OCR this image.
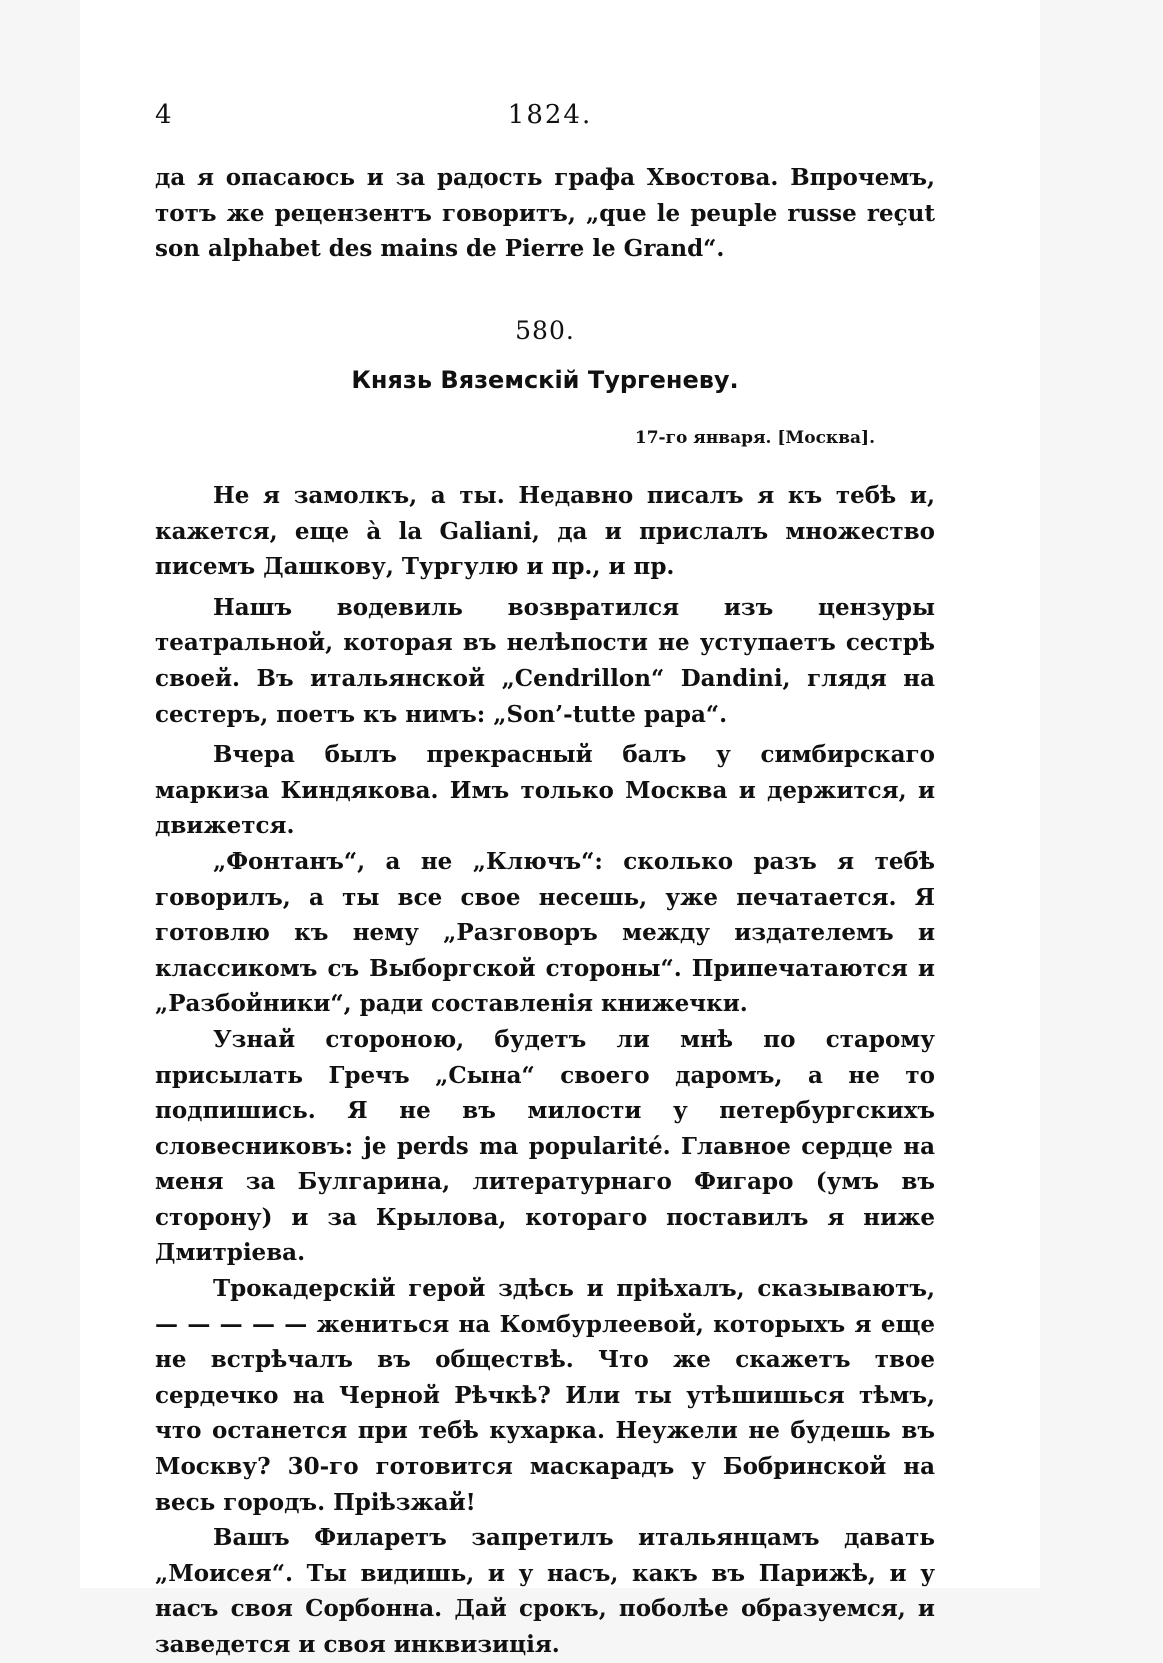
4	1824.

да я опасаюсь и за радость графа Хвостова. Впрочемъ, тотъ же рецензентъ говоритъ, „que le peuple russe reçut son alphabet des mains de Pierre le Grand“.

580.
Князь Вяземскій Тургеневу.
17-го января. [Москва].

Не я замолкъ, а ты. Недавно писалъ я къ тебѣ и, кажется, еще à la Galiani, да и прислалъ множество писемъ Дашкову, Тургулю и пр., и пр.

Нашъ водевиль возвратился изъ цензуры театральной, которая въ нелѣпости не уступаетъ сестрѣ своей. Въ итальянской „Cendrillon“ Dandini, глядя на сестеръ, поетъ къ нимъ: „Son’-tutte papa“.

Вчера былъ прекрасный балъ у симбирскаго маркиза Киндякова. Имъ только Москва и держится, и движется.

„Фонтанъ“, а не „Ключъ“: сколько разъ я тебѣ говорилъ, а ты все свое несешь, уже печатается. Я готовлю къ нему „Разговоръ между издателемъ и классикомъ съ Выборгской стороны“. Припечатаются и „Разбойники“, ради составленія книжечки.

Узнай стороною, будетъ ли мнѣ по старому присылать Гречъ „Сына“ своего даромъ, а не то подпишись. Я не въ милости у петербургскихъ словесниковъ: je perds ma popularité. Главное сердце на меня за Булгарина, литературнаго Фигаро (умъ въ сторону) и за Крылова, котораго поставилъ я ниже Дмитріева.

Трокадерскій герой здѣсь и пріѣхалъ, сказываютъ, — — — — — жениться на Комбурлеевой, которыхъ я еще не встрѣчалъ въ обществѣ. Что же скажетъ твое сердечко на Черной Рѣчкѣ? Или ты утѣшишься тѣмъ, что останется при тебѣ кухарка. Неужели не будешь въ Москву? 30-го готовится маскарадъ у Бобринской на весь городъ. Пріѣзжай!

Вашъ Филаретъ запретилъ итальянцамъ давать „Моисея“. Ты видишь, и у насъ, какъ въ Парижѣ, и у насъ своя Сорбонна. Дай срокъ, поболѣе образуемся, и заведется и своя инквизиція.
